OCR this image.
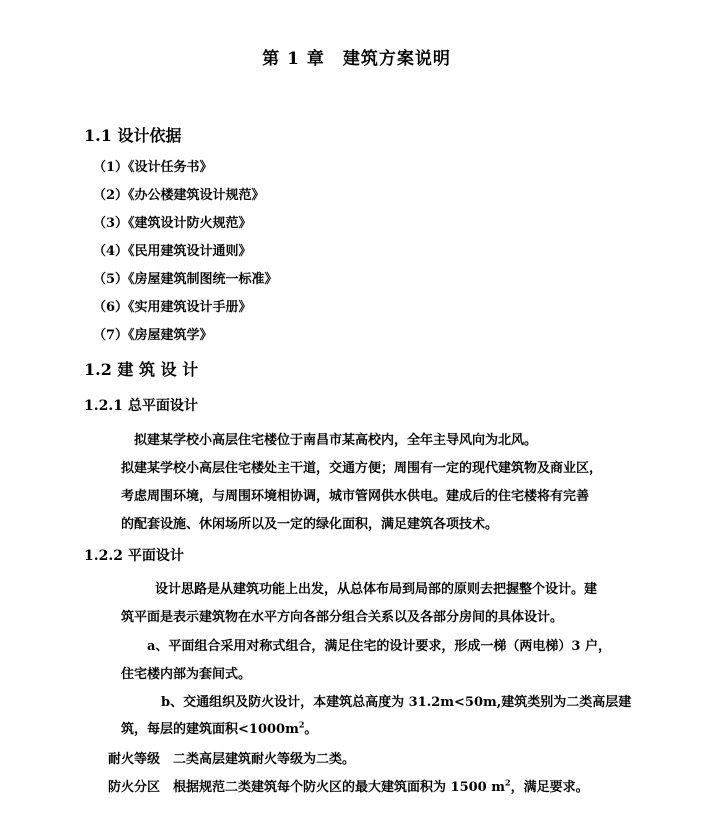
第 1 章　建筑方案说明
1.1 设计依据
（1）《设计任务书》
（2）《办公楼建筑设计规范》
（3）《建筑设计防火规范》
（4）《民用建筑设计通则》
（5）《房屋建筑制图统一标准》
（6）《实用建筑设计手册》
（7）《房屋建筑学》
1.2 建 筑 设 计
1.2.1 总平面设计
拟建某学校小高层住宅楼位于南昌市某高校内，全年主导风向为北风。
拟建某学校小高层住宅楼处主干道，交通方便；周围有一定的现代建筑物及商业区，
考虑周围环境，与周围环境相协调，城市管网供水供电。建成后的住宅楼将有完善
的配套设施、休闲场所以及一定的绿化面积，满足建筑各项技术。
1.2.2 平面设计
设计思路是从建筑功能上出发，从总体布局到局部的原则去把握整个设计。建
筑平面是表示建筑物在水平方向各部分组合关系以及各部分房间的具体设计。
a、平面组合采用对称式组合，满足住宅的设计要求，形成一梯（两电梯）3 户，
住宅楼内部为套间式。
b、交通组织及防火设计，本建筑总高度为 31.2m<50m,建筑类别为二类高层建
筑，每层的建筑面积$<1000m^2$。
耐火等级　二类高层建筑耐火等级为二类。
防火分区　根据规范二类建筑每个防火区的最大建筑面积为 1500 $m^2$，满足要求。
